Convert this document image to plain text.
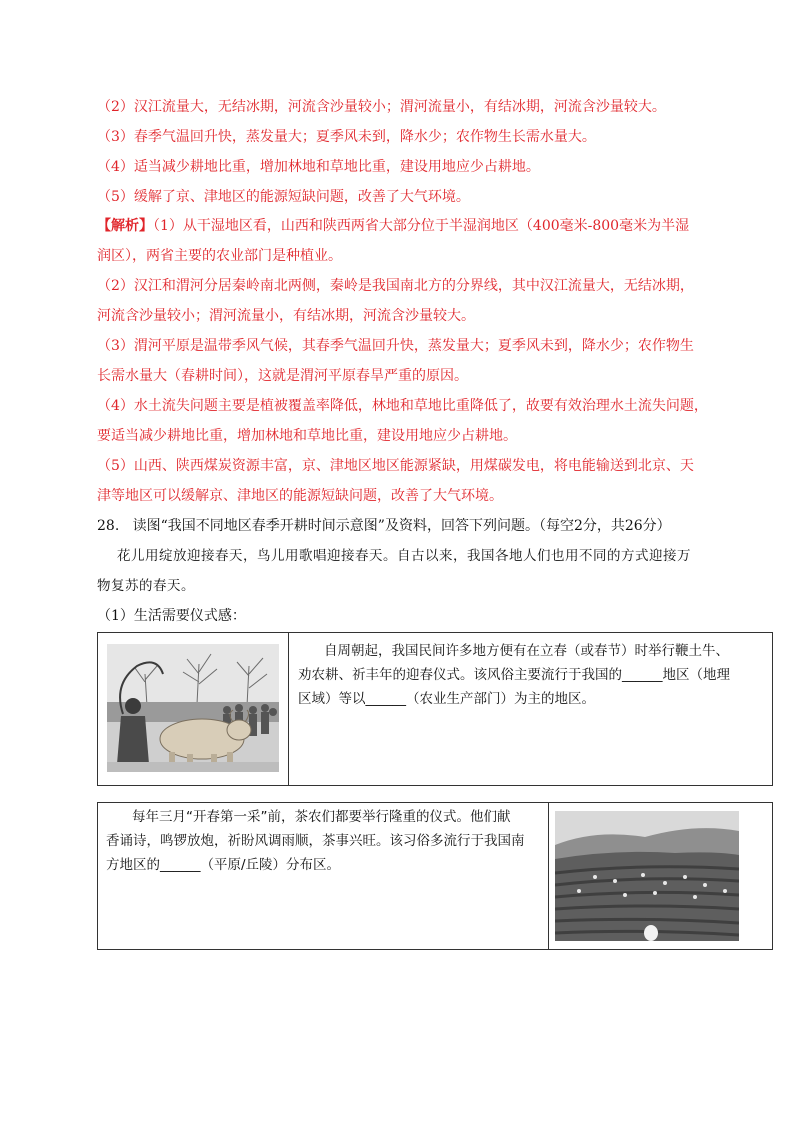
（2）汉江流量大，无结冰期，河流含沙量较小；渭河流量小，有结冰期，河流含沙量较大。
（3）春季气温回升快，蒸发量大；夏季风未到，降水少；农作物生长需水量大。
（4）适当减少耕地比重，增加林地和草地比重，建设用地应少占耕地。
（5）缓解了京、津地区的能源短缺问题，改善了大气环境。
【解析】（1）从干湿地区看，山西和陕西两省大部分位于半湿润地区（400毫米-800毫米为半湿
润区），两省主要的农业部门是种植业。
（2）汉江和渭河分居秦岭南北两侧，秦岭是我国南北方的分界线，其中汉江流量大，无结冰期，
河流含沙量较小；渭河流量小，有结冰期，河流含沙量较大。
（3）渭河平原是温带季风气候，其春季气温回升快，蒸发量大；夏季风未到，降水少；农作物生
长需水量大（春耕时间），这就是渭河平原春旱严重的原因。
（4）水土流失问题主要是植被覆盖率降低，林地和草地比重降低了，故要有效治理水土流失问题，
要适当减少耕地比重，增加林地和草地比重，建设用地应少占耕地。
（5）山西、陕西煤炭资源丰富，京、津地区地区能源紧缺，用煤碳发电，将电能输送到北京、天
津等地区可以缓解京、津地区的能源短缺问题，改善了大气环境。
28. 读图“我国不同地区春季开耕时间示意图”及资料，回答下列问题。（每空2分，共26分）
花儿用绽放迎接春天，鸟儿用歌唱迎接春天。自古以来，我国各地人们也用不同的方式迎接万
物复苏的春天。
（1）生活需要仪式感：
自周朝起，我国民间许多地方便有在立春（或春节）时举行鞭土牛、
劝农耕、祈丰年的迎春仪式。该风俗主要流行于我国的______地区（地理
区域）等以______（农业生产部门）为主的地区。
每年三月“开春第一采”前，茶农们都要举行隆重的仪式。他们献
香诵诗，鸣锣放炮，祈盼风调雨顺，茶事兴旺。该习俗多流行于我国南
方地区的______（平原/丘陵）分布区。
